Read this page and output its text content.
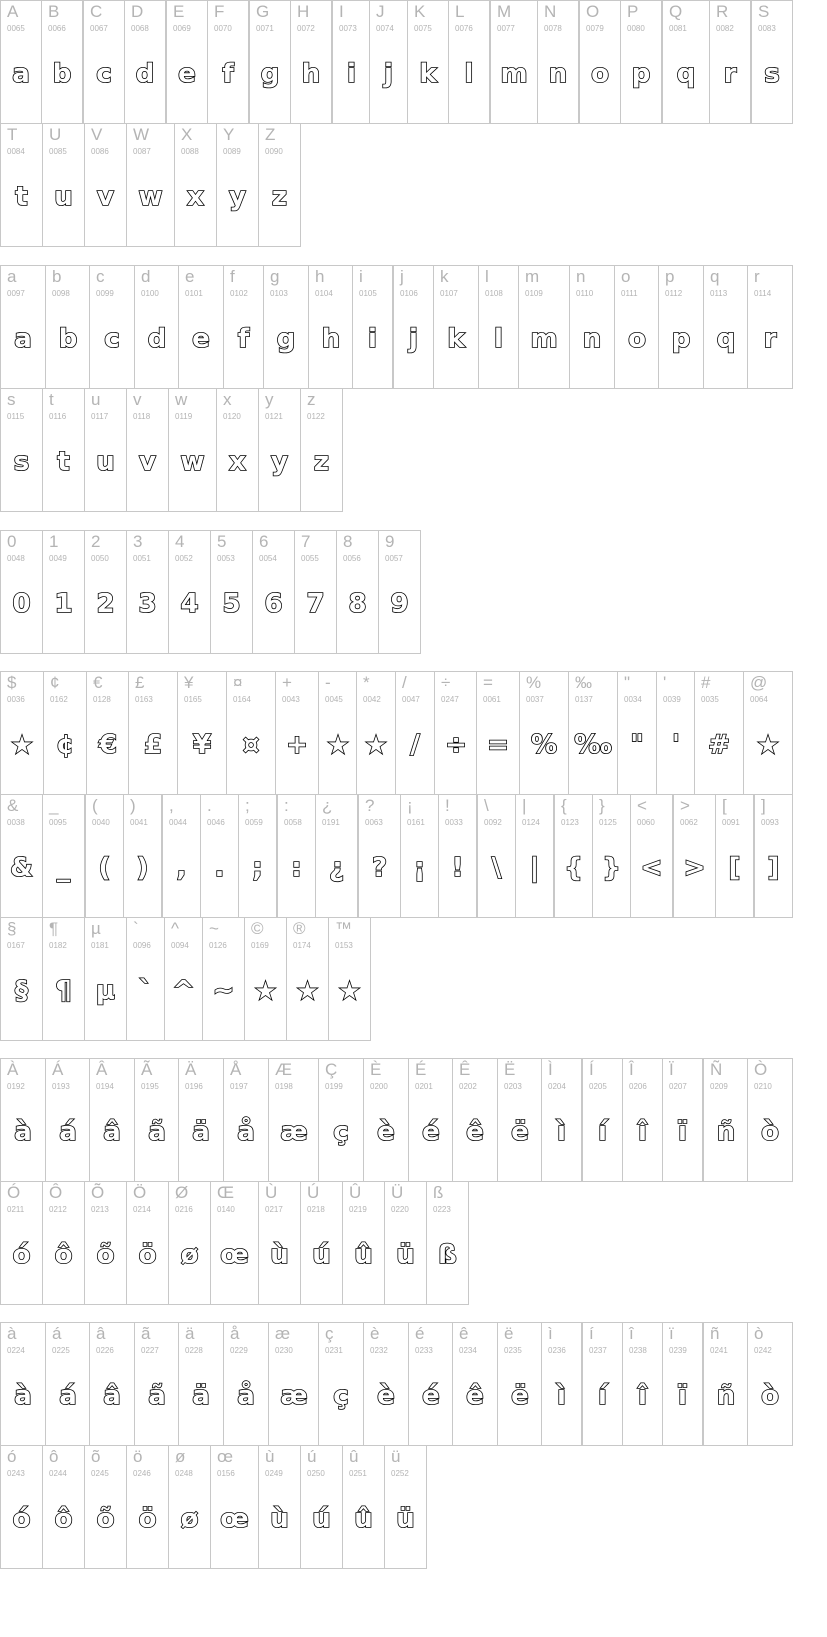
A
0065
a
B
0066
b
C
0067
c
D
0068
d
E
0069
e
F
0070
f
G
0071
g
H
0072
h
I
0073
i
J
0074
j
K
0075
k
L
0076
l
M
0077
m
N
0078
n
O
0079
o
P
0080
p
Q
0081
q
R
0082
r
S
0083
s
T
0084
t
U
0085
u
V
0086
v
W
0087
w
X
0088
x
Y
0089
y
Z
0090
z
a
0097
a
b
0098
b
c
0099
c
d
0100
d
e
0101
e
f
0102
f
g
0103
g
h
0104
h
i
0105
i
j
0106
j
k
0107
k
l
0108
l
m
0109
m
n
0110
n
o
0111
o
p
0112
p
q
0113
q
r
0114
r
s
0115
s
t
0116
t
u
0117
u
v
0118
v
w
0119
w
x
0120
x
y
0121
y
z
0122
z
0
0048
0
1
0049
1
2
0050
2
3
0051
3
4
0052
4
5
0053
5
6
0054
6
7
0055
7
8
0056
8
9
0057
9
$
0036
★
¢
0162
¢
€
0128
€
£
0163
£
¥
0165
¥
¤
0164
¤
+
0043
+
-
0045
★
*
0042
★
/
0047
/
÷
0247
÷
=
0061
=
%
0037
%
‰
0137
‰
"
0034
"
'
0039
'
#
0035
#
@
0064
★
&
0038
&
_
0095
_
(
0040
(
)
0041
)
,
0044
,
.
0046
.
;
0059
;
:
0058
:
¿
0191
¿
?
0063
?
¡
0161
¡
!
0033
!
\
0092
\
|
0124
|
{
0123
{
}
0125
}
<
0060
<
>
0062
>
[
0091
[
]
0093
]
§
0167
§
¶
0182
¶
µ
0181
µ
`
0096
`
^
0094
^
~
0126
~
©
0169
★
®
0174
★
™
0153
★
À
0192
à
Á
0193
á
Â
0194
â
Ã
0195
ã
Ä
0196
ä
Å
0197
å
Æ
0198
æ
Ç
0199
ç
È
0200
è
É
0201
é
Ê
0202
ê
Ë
0203
ë
Ì
0204
ì
Í
0205
í
Î
0206
î
Ï
0207
ï
Ñ
0209
ñ
Ò
0210
ò
Ó
0211
ó
Ô
0212
ô
Õ
0213
õ
Ö
0214
ö
Ø
0216
ø
Œ
0140
œ
Ù
0217
ù
Ú
0218
ú
Û
0219
û
Ü
0220
ü
ß
0223
ß
à
0224
à
á
0225
á
â
0226
â
ã
0227
ã
ä
0228
ä
å
0229
å
æ
0230
æ
ç
0231
ç
è
0232
è
é
0233
é
ê
0234
ê
ë
0235
ë
ì
0236
ì
í
0237
í
î
0238
î
ï
0239
ï
ñ
0241
ñ
ò
0242
ò
ó
0243
ó
ô
0244
ô
õ
0245
õ
ö
0246
ö
ø
0248
ø
œ
0156
œ
ù
0249
ù
ú
0250
ú
û
0251
û
ü
0252
ü
